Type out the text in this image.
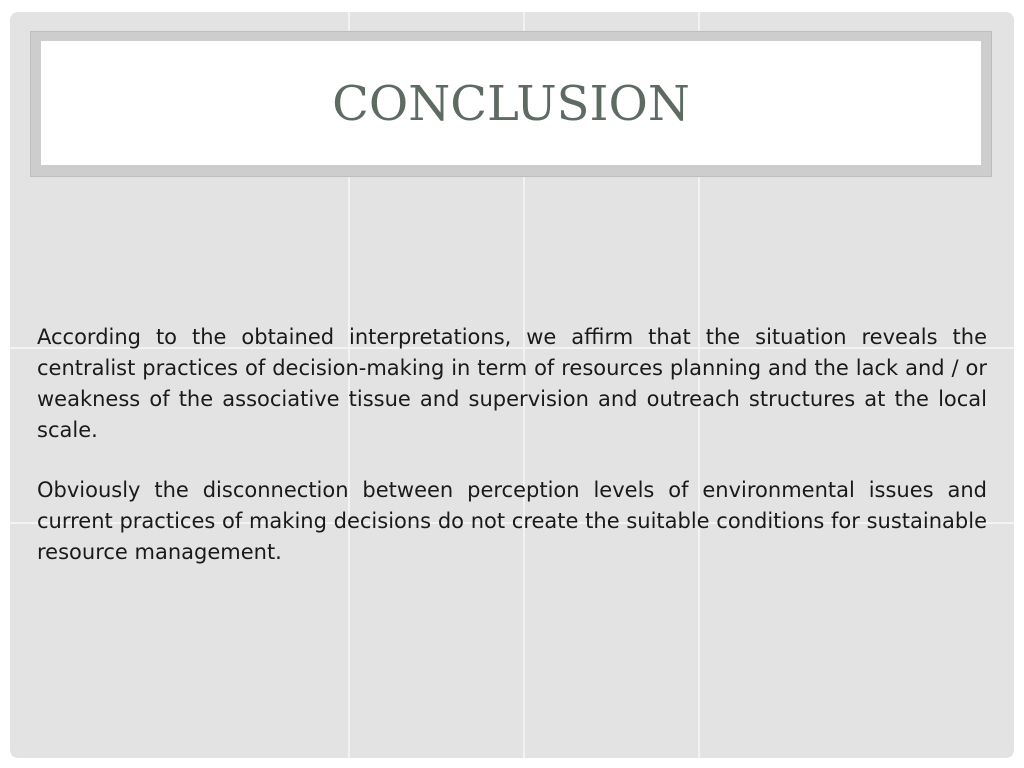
CONCLUSION

According to the obtained interpretations, we affirm that the situation reveals the centralist practices of decision-making in term of resources planning and the lack and / or weakness of the associative tissue and supervision and outreach structures at the local scale.

Obviously the disconnection between perception levels of environmental issues and current practices of making decisions do not create the suitable conditions for sustainable resource management.
